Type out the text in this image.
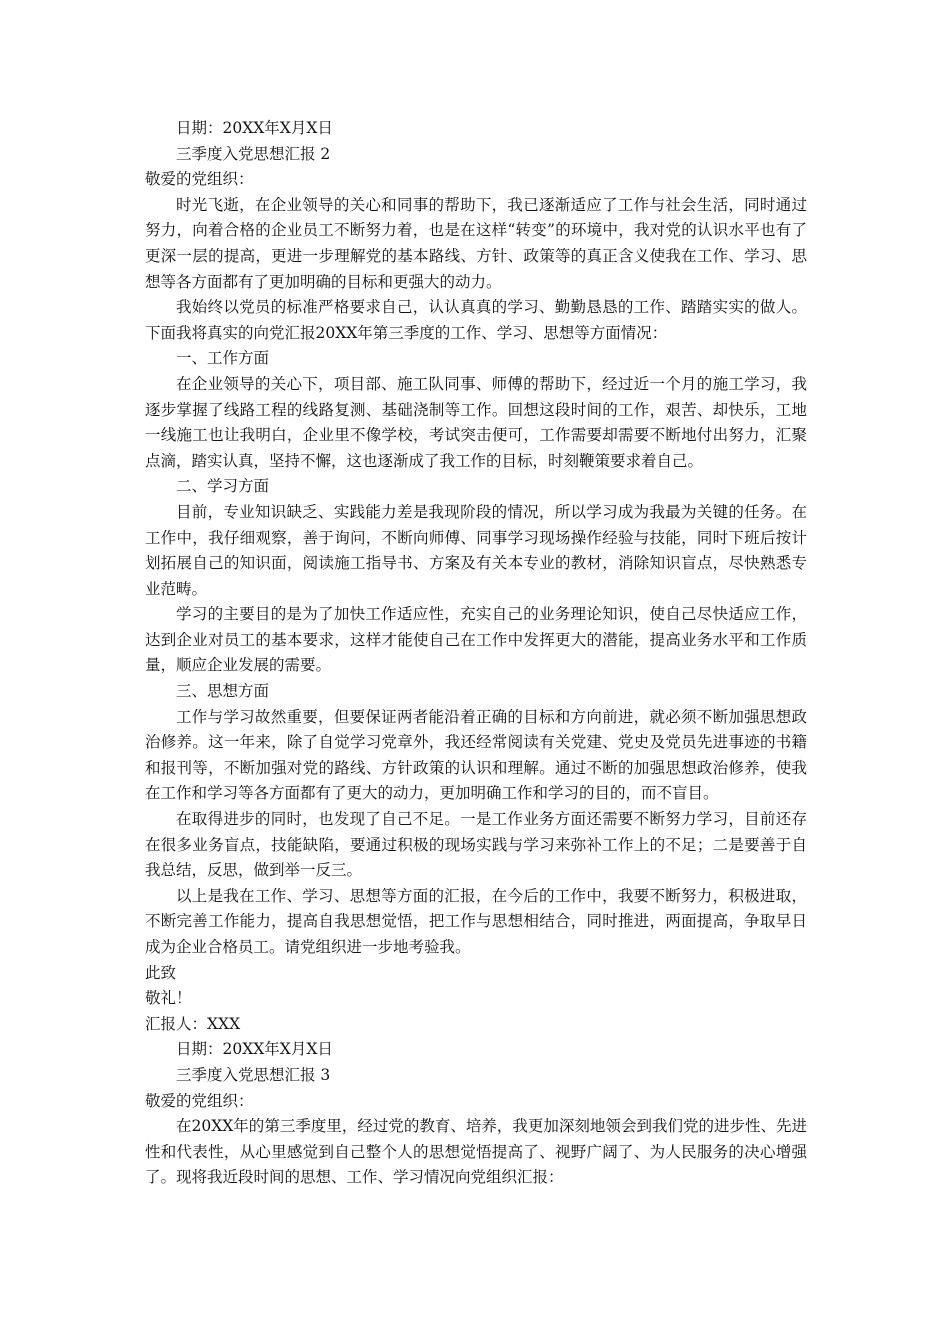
日期：20XX年X月X日
三季度入党思想汇报 2
敬爱的党组织：

时光飞逝，在企业领导的关心和同事的帮助下，我已逐渐适应了工作与社会生活，同时通过努力，向着合格的企业员工不断努力着，也是在这样“转变”的环境中，我对党的认识水平也有了更深一层的提高，更进一步理解党的基本路线、方针、政策等的真正含义使我在工作、学习、思想等各方面都有了更加明确的目标和更强大的动力。

我始终以党员的标准严格要求自己，认认真真的学习、勤勤恳恳的工作、踏踏实实的做人。下面我将真实的向党汇报20XX年第三季度的工作、学习、思想等方面情况：

一、工作方面

在企业领导的关心下，项目部、施工队同事、师傅的帮助下，经过近一个月的施工学习，我逐步掌握了线路工程的线路复测、基础浇制等工作。回想这段时间的工作，艰苦、却快乐，工地一线施工也让我明白，企业里不像学校，考试突击便可，工作需要却需要不断地付出努力，汇聚点滴，踏实认真，坚持不懈，这也逐渐成了我工作的目标，时刻鞭策要求着自己。

二、学习方面

目前，专业知识缺乏、实践能力差是我现阶段的情况，所以学习成为我最为关键的任务。在工作中，我仔细观察，善于询问，不断向师傅、同事学习现场操作经验与技能，同时下班后按计划拓展自己的知识面，阅读施工指导书、方案及有关本专业的教材，消除知识盲点，尽快熟悉专业范畴。

学习的主要目的是为了加快工作适应性，充实自己的业务理论知识，使自己尽快适应工作，达到企业对员工的基本要求，这样才能使自己在工作中发挥更大的潜能，提高业务水平和工作质量，顺应企业发展的需要。

三、思想方面

工作与学习故然重要，但要保证两者能沿着正确的目标和方向前进，就必须不断加强思想政治修养。这一年来，除了自觉学习党章外，我还经常阅读有关党建、党史及党员先进事迹的书籍和报刊等，不断加强对党的路线、方针政策的认识和理解。通过不断的加强思想政治修养，使我在工作和学习等各方面都有了更大的动力，更加明确工作和学习的目的，而不盲目。

在取得进步的同时，也发现了自己不足。一是工作业务方面还需要不断努力学习，目前还存在很多业务盲点，技能缺陷，要通过积极的现场实践与学习来弥补工作上的不足；二是要善于自我总结，反思，做到举一反三。

以上是我在工作、学习、思想等方面的汇报，在今后的工作中，我要不断努力，积极进取，不断完善工作能力，提高自我思想觉悟，把工作与思想相结合，同时推进，两面提高，争取早日成为企业合格员工。请党组织进一步地考验我。

此致
敬礼！
汇报人：XXX
日期：20XX年X月X日
三季度入党思想汇报 3
敬爱的党组织：

在20XX年的第三季度里，经过党的教育、培养，我更加深刻地领会到我们党的进步性、先进性和代表性，从心里感觉到自己整个人的思想觉悟提高了、视野广阔了、为人民服务的决心增强了。现将我近段时间的思想、工作、学习情况向党组织汇报：
